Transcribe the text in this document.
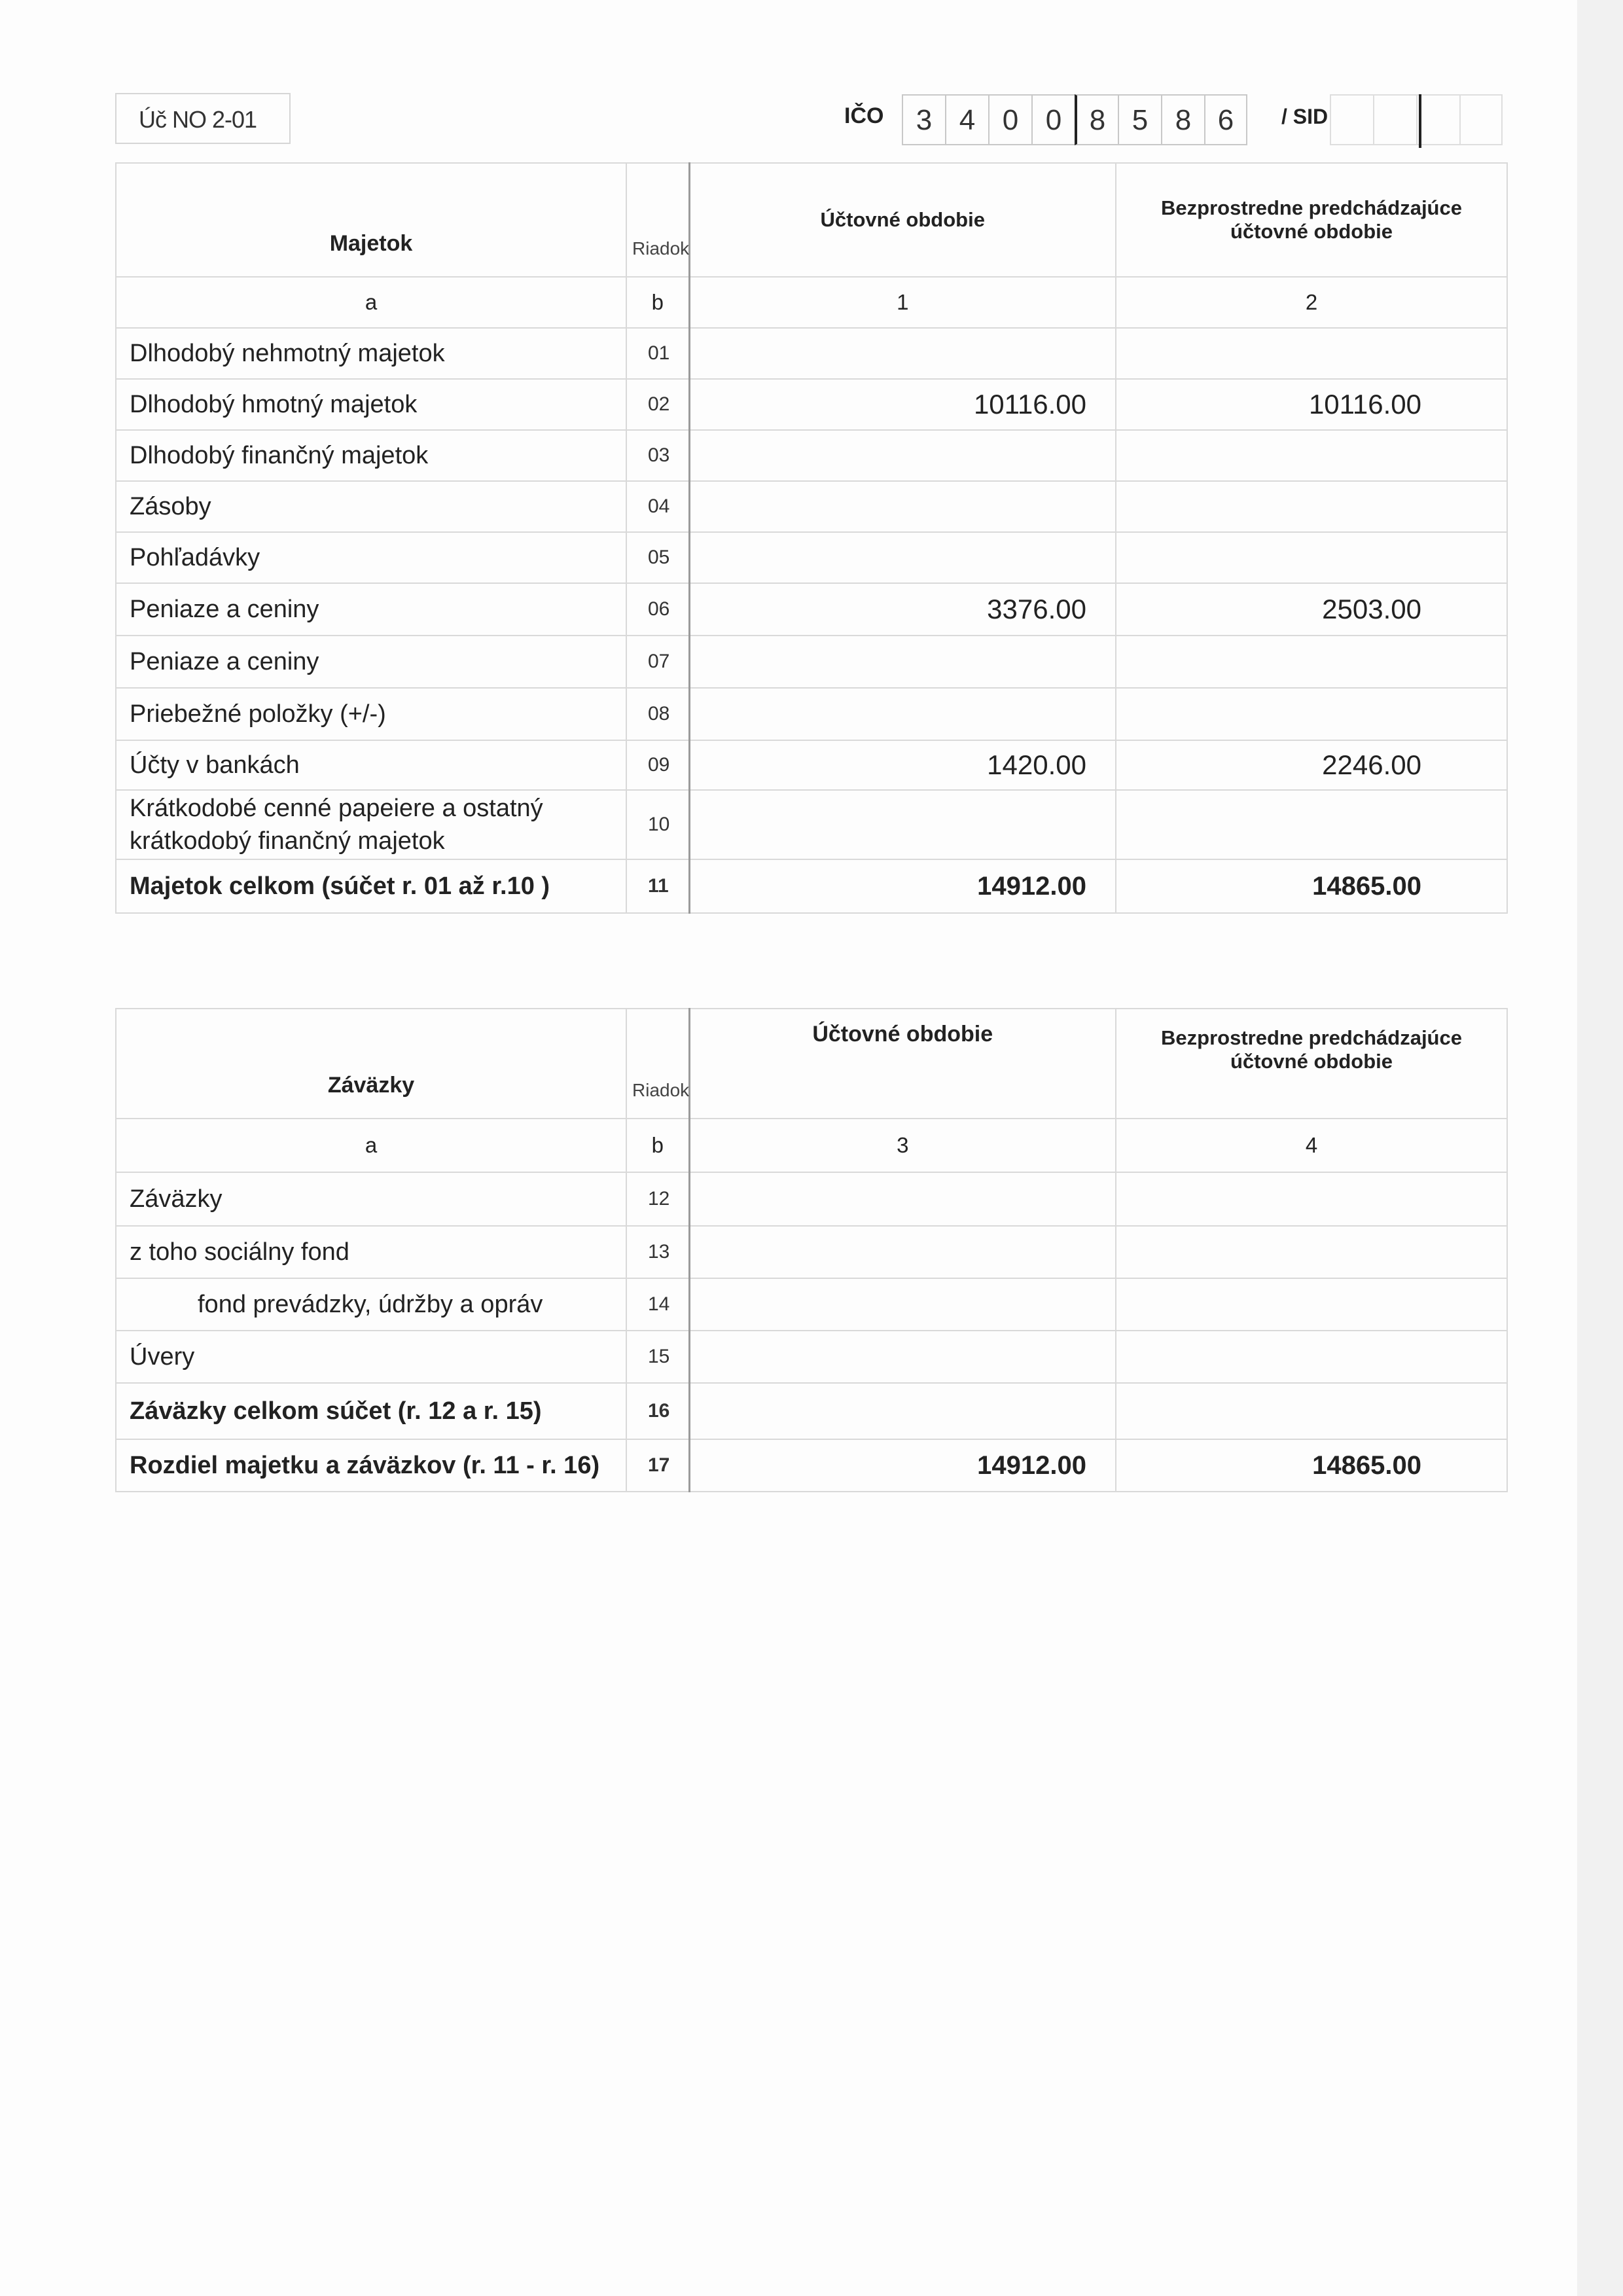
Úč NO 2-01	IČO	3 4 0 0 8 5 8 6	/ SID
Majetok	Riadok	Účtovné obdobie	Bezprostredne predchádzajúce účtovné obdobie
a	b	1	2
Dlhodobý nehmotný majetok	01		
Dlhodobý hmotný majetok	02	10116.00	10116.00
Dlhodobý finančný majetok	03		
Zásoby	04		
Pohľadávky	05		
Peniaze a ceniny	06	3376.00	2503.00
Peniaze a ceniny	07		
Priebežné položky (+/-)	08		
Účty v bankách	09	1420.00	2246.00

Krátkodobé cenné papeiere a ostatný
krátkodobý finančný majetok	10		
Majetok celkom (súčet r. 01 až r.10 )	11	14912.00	14865.00
Záväzky	Riadok	Účtovné obdobie	Bezprostredne predchádzajúce účtovné obdobie
a	b	3	4
Záväzky	12		
z toho sociálny fond	13		
fond prevádzky, údržby a opráv	14		
Úvery	15		
Záväzky celkom súčet (r. 12 a r. 15)	16		
Rozdiel majetku a záväzkov (r. 11 - r. 16)	17	14912.00	14865.00
